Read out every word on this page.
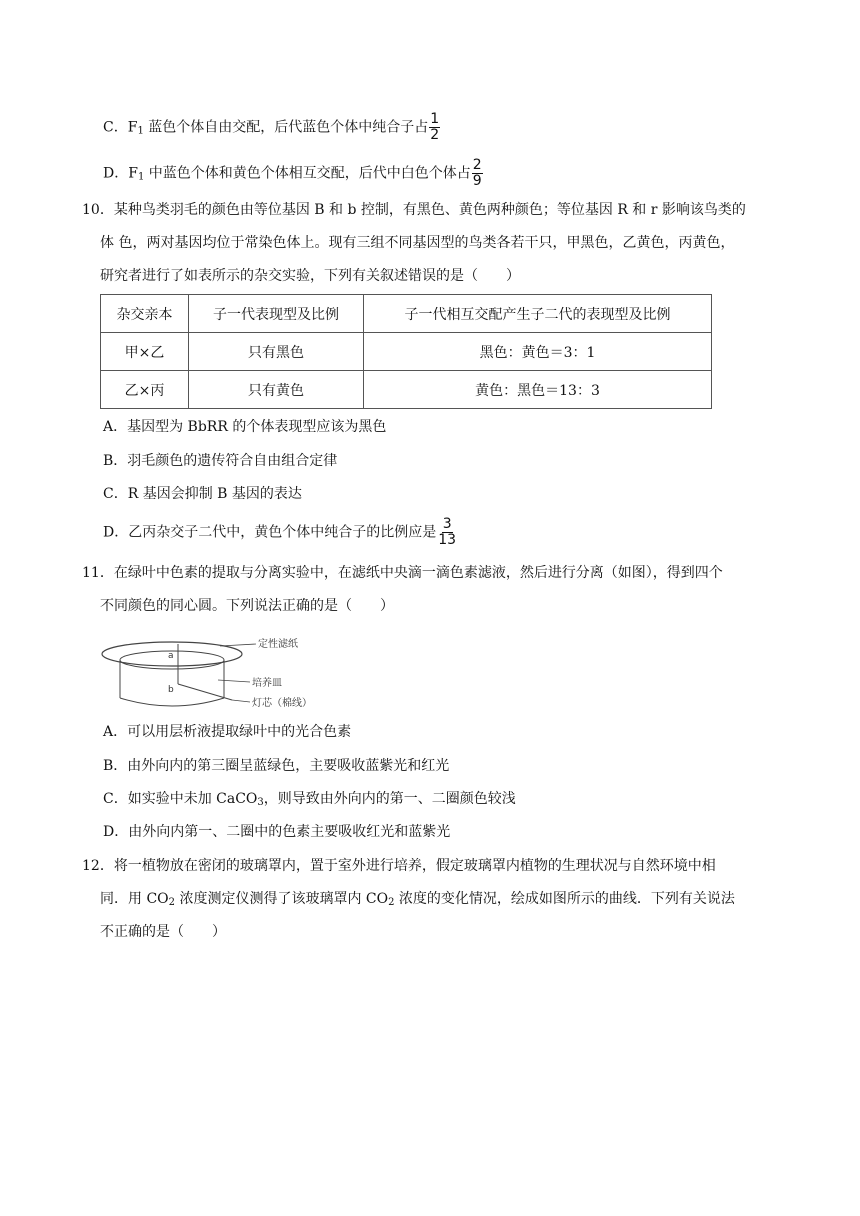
C．$F_1$ 蓝色个体自由交配，后代蓝色个体中纯合子占 $\frac{1}{2}$
D．$F_1$ 中蓝色个体和黄色个体相互交配，后代中白色个体占 $\frac{2}{9}$
10．某种鸟类羽毛的颜色由等位基因 B 和 b 控制，有黑色、黄色两种颜色；等位基因 R 和 r 影响该鸟类的
体 色，两对基因均位于常染色体上。现有三组不同基因型的鸟类各若干只，甲黑色，乙黄色，丙黄色，
研究者进行了如表所示的杂交实验，下列有关叙述错误的是（　　）
杂交亲本	子一代表现型及比例	子一代相互交配产生子二代的表现型及比例
甲×乙	只有黑色	黑色：黄色＝3：1
乙×丙	只有黄色	黄色：黑色＝13：3
A．基因型为 BbRR 的个体表现型应该为黑色
B．羽毛颜色的遗传符合自由组合定律
C．R 基因会抑制 B 基因的表达
D．乙丙杂交子二代中，黄色个体中纯合子的比例应是 $\frac{3}{13}$
11．在绿叶中色素的提取与分离实验中，在滤纸中央滴一滴色素滤液，然后进行分离（如图），得到四个
不同颜色的同心圆。下列说法正确的是（　　）
a
b
定性滤纸
培养皿
灯芯（棉线）
A．可以用层析液提取绿叶中的光合色素
B．由外向内的第三圈呈蓝绿色，主要吸收蓝紫光和红光
C．如实验中未加 CaCO$_3$，则导致由外向内的第一、二圈颜色较浅
D．由外向内第一、二圈中的色素主要吸收红光和蓝紫光
12．将一植物放在密闭的玻璃罩内，置于室外进行培养，假定玻璃罩内植物的生理状况与自然环境中相
同．用 $CO_2$ 浓度测定仪测得了该玻璃罩内 $CO_2$ 浓度的变化情况，绘成如图所示的曲线．下列有关说法
不正确的是（　　）
